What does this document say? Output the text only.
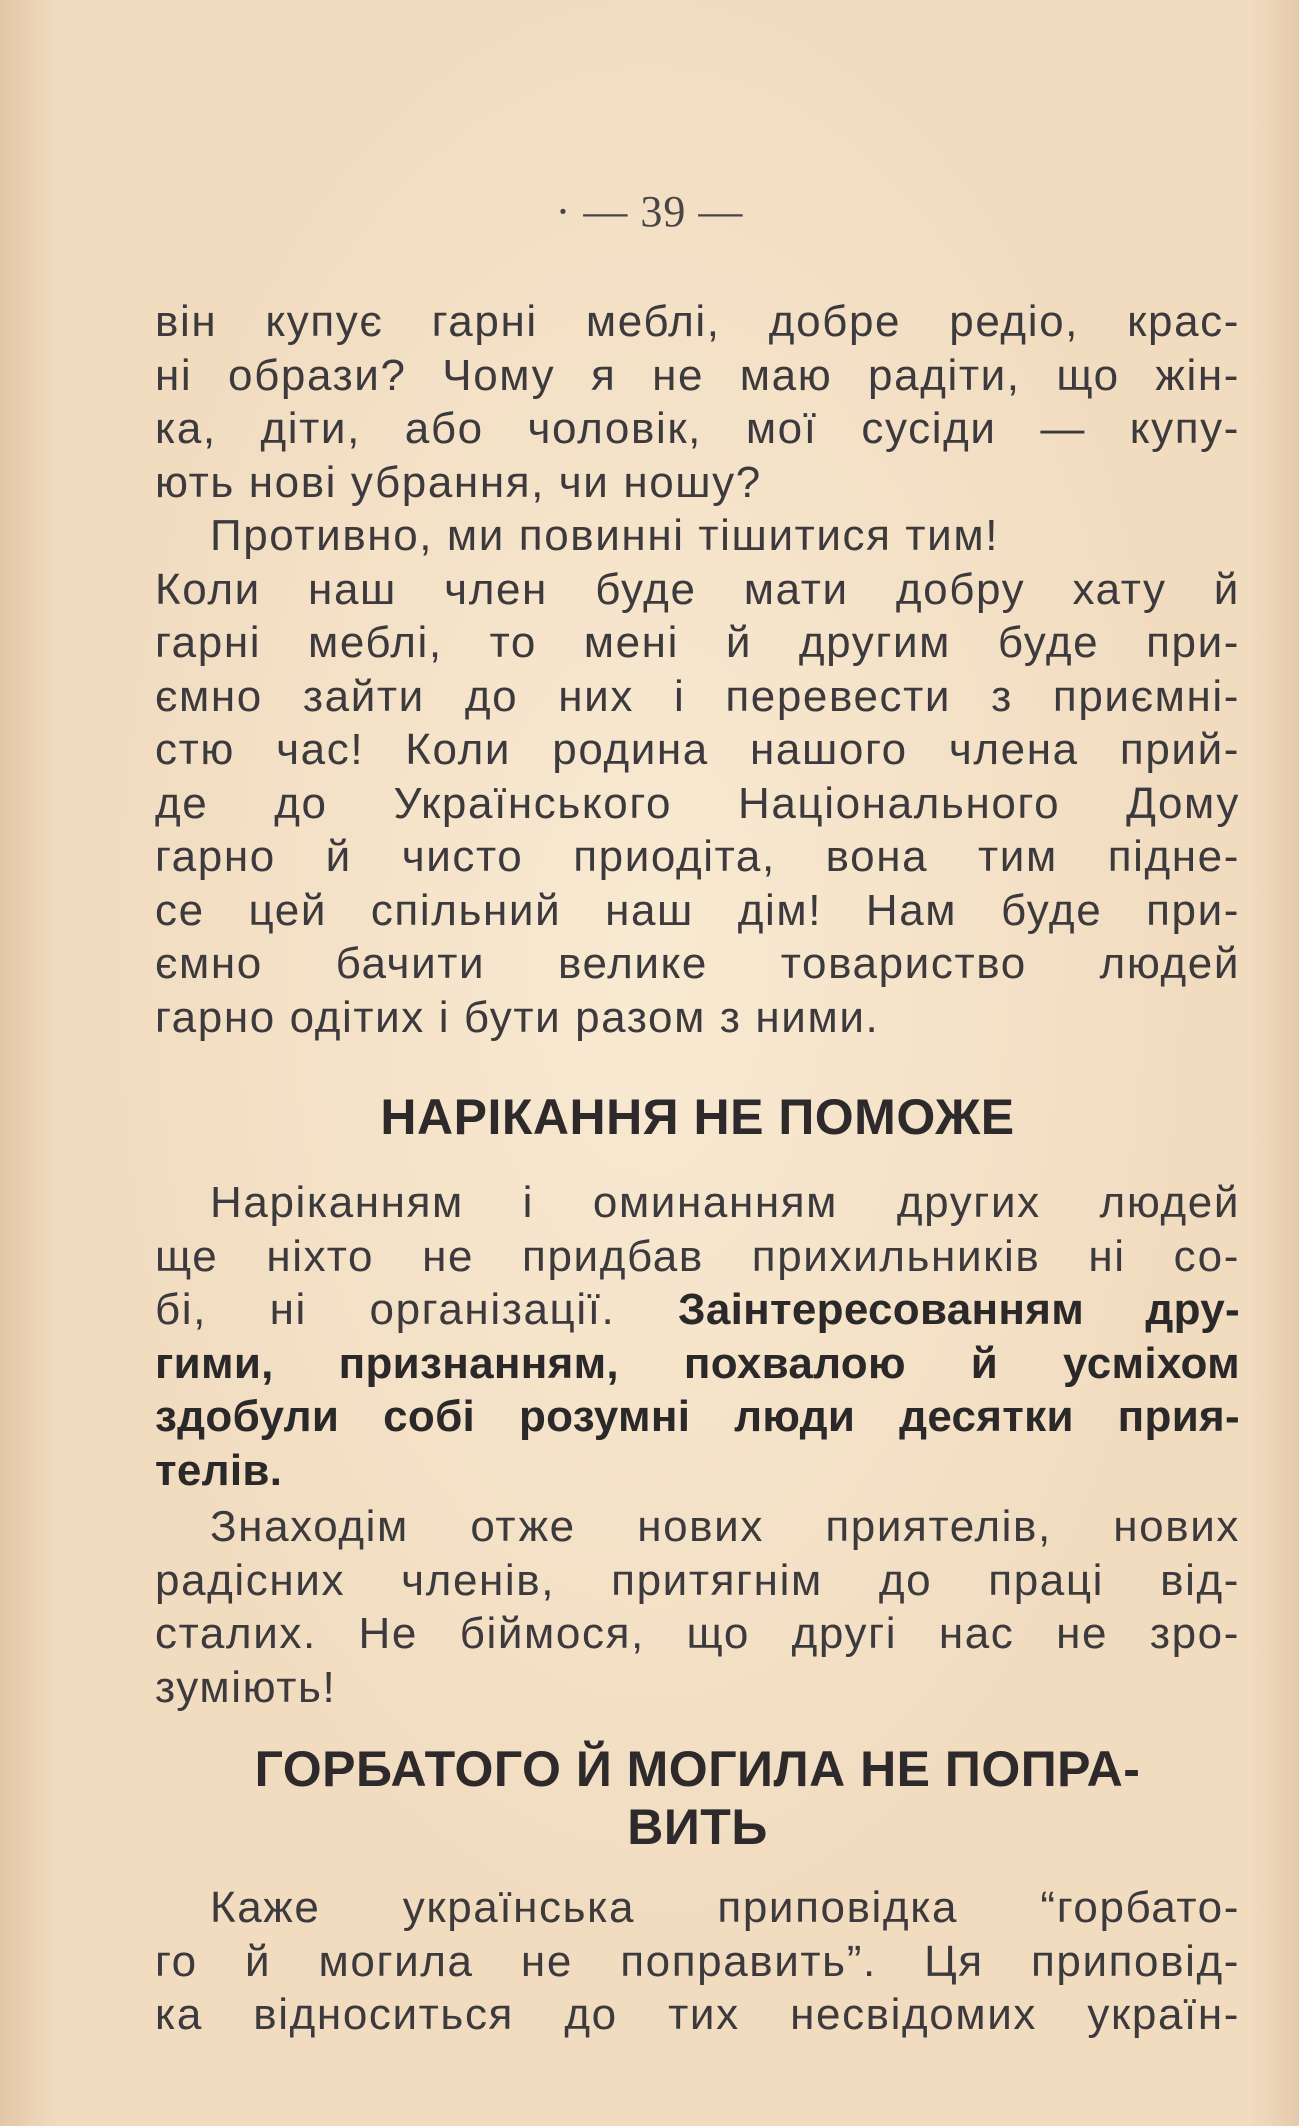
· — 39 —
він купує гарні меблі, добре редіо, крас-
ні образи? Чому я не маю радіти, що жін-
ка, діти, або чоловік, мої сусіди — купу-
ють нові убрання, чи ношу?
Противно, ми повинні тішитися тим!
Коли наш член буде мати добру хату й
гарні меблі, то мені й другим буде при-
ємно зайти до них і перевести з приємні-
стю час! Коли родина нашого члена прий-
де до Українського Національного Дому
гарно й чисто приодіта, вона тим підне-
се цей спільний наш дім! Нам буде при-
ємно бачити велике товариство людей
гарно одітих і бути разом з ними.
НАРІКАННЯ НЕ ПОМОЖЕ
Наріканням і оминанням других людей
ще ніхто не придбав прихильників ні со-
бі, ні організації. Заінтересованням дру-
гими, признанням, похвалою й усміхом
здобули собі розумні люди десятки прия-
телів.
Знаходім отже нових приятелів, нових
радісних членів, притягнім до праці від-
сталих. Не біймося, що другі нас не зро-
зуміють!
ГОРБАТОГО Й МОГИЛА НЕ ПОПРА-
ВИТЬ
Каже українська приповідка “горбато-
го й могила не поправить”. Ця приповід-
ка відноситься до тих несвідомих україн-
